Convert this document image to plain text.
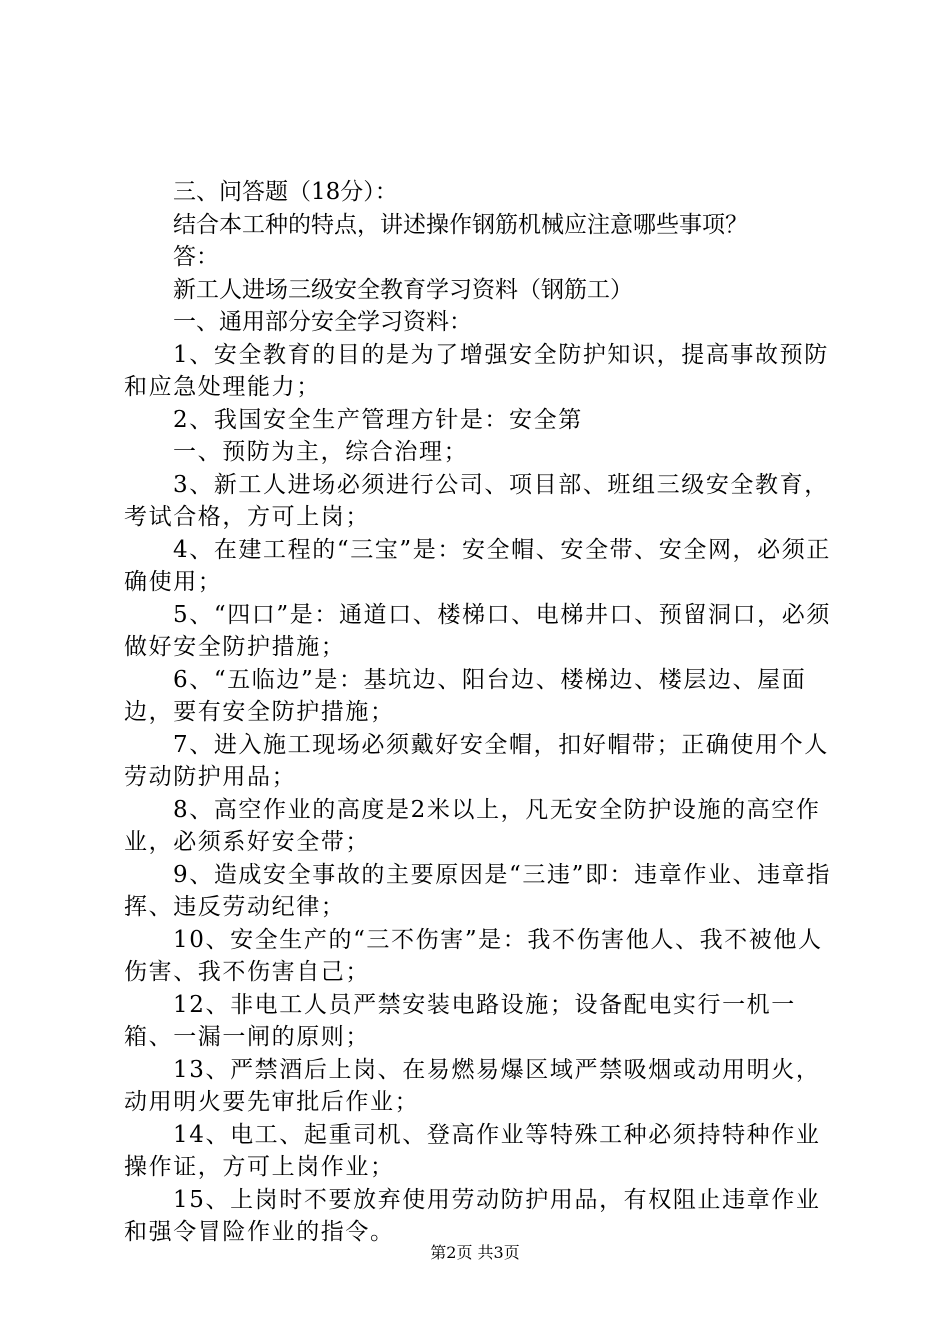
三、问答题（18分）：
结合本工种的特点，讲述操作钢筋机械应注意哪些事项？
答：
新工人进场三级安全教育学习资料（钢筋工）
一、通用部分安全学习资料：
1、安全教育的目的是为了增强安全防护知识，提高事故预防和应急处理能力；
2、我国安全生产管理方针是：安全第
一、预防为主，综合治理；
3、新工人进场必须进行公司、项目部、班组三级安全教育，考试合格，方可上岗；
4、在建工程的“三宝”是：安全帽、安全带、安全网，必须正确使用；
5、“四口”是：通道口、楼梯口、电梯井口、预留洞口，必须做好安全防护措施；
6、“五临边”是：基坑边、阳台边、楼梯边、楼层边、屋面边，要有安全防护措施；
7、进入施工现场必须戴好安全帽，扣好帽带；正确使用个人劳动防护用品；
8、高空作业的高度是2米以上，凡无安全防护设施的高空作业，必须系好安全带；
9、造成安全事故的主要原因是“三违”即：违章作业、违章指挥、违反劳动纪律；
10、安全生产的“三不伤害”是：我不伤害他人、我不被他人伤害、我不伤害自己；
12、非电工人员严禁安装电路设施；设备配电实行一机一箱、一漏一闸的原则；
13、严禁酒后上岗、在易燃易爆区域严禁吸烟或动用明火，动用明火要先审批后作业；
14、电工、起重司机、登高作业等特殊工种必须持特种作业操作证，方可上岗作业；
15、上岗时不要放弃使用劳动防护用品，有权阻止违章作业和强令冒险作业的指令。
第2页 共3页
